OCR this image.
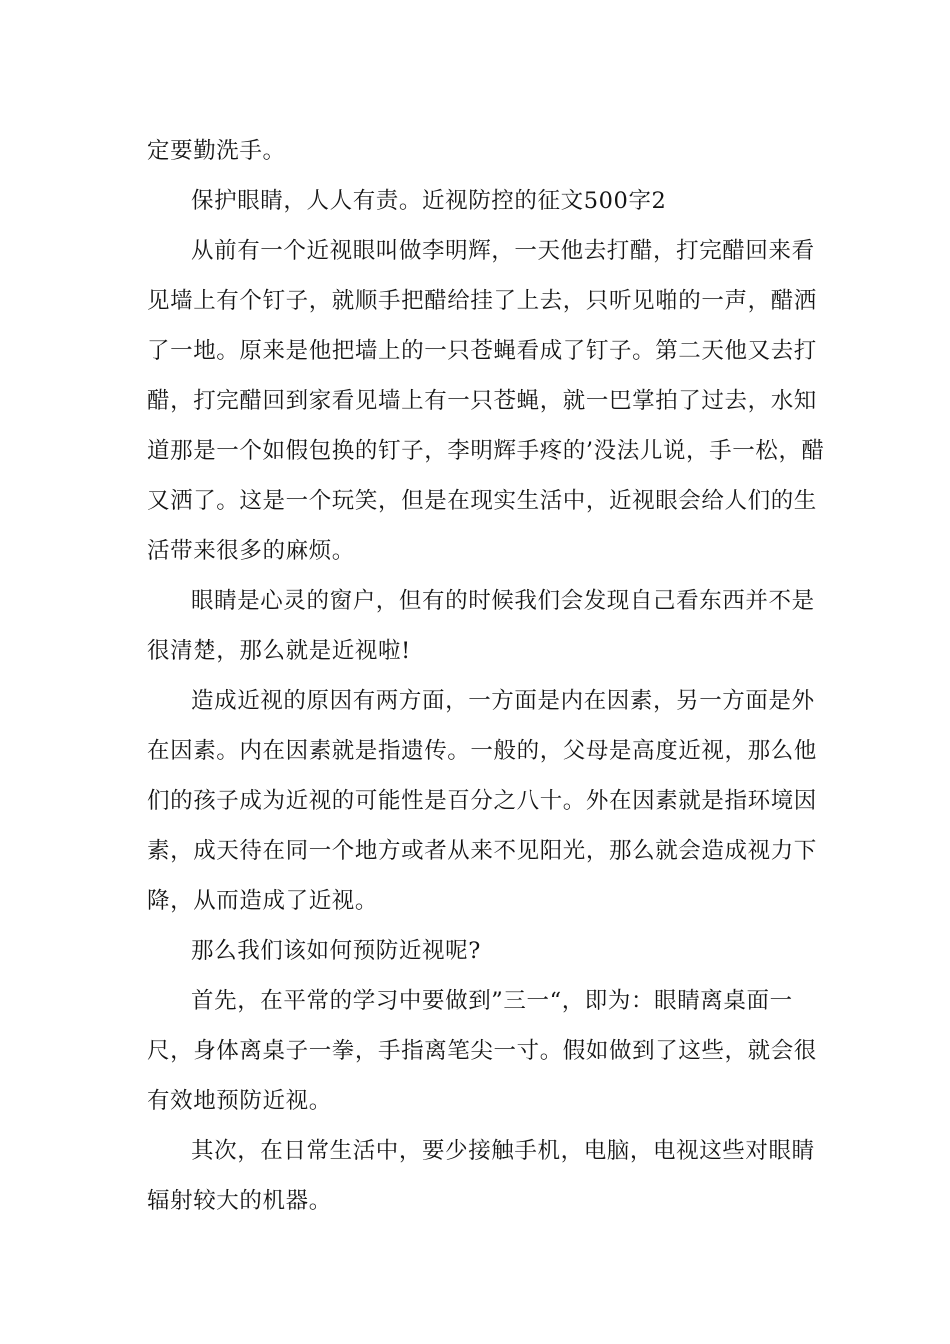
定要勤洗手。
保护眼睛，人人有责。近视防控的征文500字2
从前有一个近视眼叫做李明辉，一天他去打醋，打完醋回来看
见墙上有个钉子，就顺手把醋给挂了上去，只听见啪的一声，醋洒
了一地。原来是他把墙上的一只苍蝇看成了钉子。第二天他又去打
醋，打完醋回到家看见墙上有一只苍蝇，就一巴掌拍了过去，水知
道那是一个如假包换的钉子，李明辉手疼的’没法儿说，手一松，醋
又洒了。这是一个玩笑，但是在现实生活中，近视眼会给人们的生
活带来很多的麻烦。
眼睛是心灵的窗户，但有的时候我们会发现自己看东西并不是
很清楚，那么就是近视啦!
造成近视的原因有两方面，一方面是内在因素，另一方面是外
在因素。内在因素就是指遗传。一般的，父母是高度近视，那么他
们的孩子成为近视的可能性是百分之八十。外在因素就是指环境因
素，成天待在同一个地方或者从来不见阳光，那么就会造成视力下
降，从而造成了近视。
那么我们该如何预防近视呢?
首先，在平常的学习中要做到”三一“，即为：眼睛离桌面一
尺，身体离桌子一拳，手指离笔尖一寸。假如做到了这些，就会很
有效地预防近视。
其次，在日常生活中，要少接触手机，电脑，电视这些对眼睛
辐射较大的机器。
